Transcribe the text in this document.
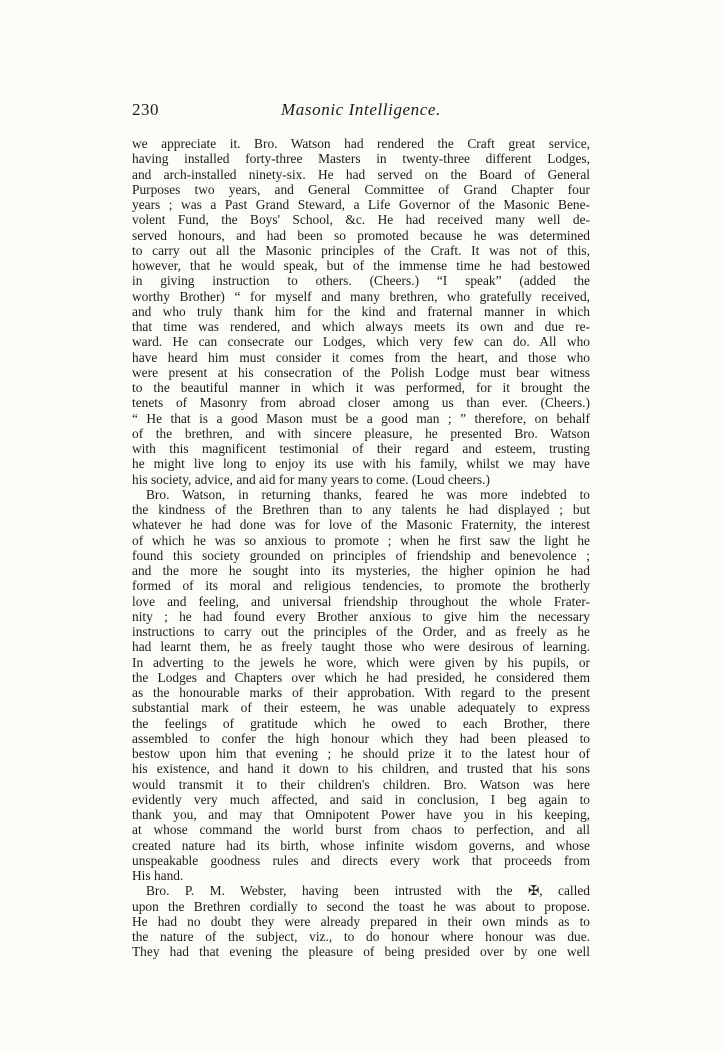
230	Masonic Intelligence.
we appreciate it. Bro. Watson had rendered the Craft great service,
having installed forty-three Masters in twenty-three different Lodges,
and arch-installed ninety-six. He had served on the Board of General
Purposes two years, and General Committee of Grand Chapter four
years ; was a Past Grand Steward, a Life Governor of the Masonic Bene-
volent Fund, the Boys' School, &c. He had received many well de-
served honours, and had been so promoted because he was determined
to carry out all the Masonic principles of the Craft. It was not of this,
however, that he would speak, but of the immense time he had bestowed
in giving instruction to others. (Cheers.) “I speak” (added the
worthy Brother) “ for myself and many brethren, who gratefully received,
and who truly thank him for the kind and fraternal manner in which
that time was rendered, and which always meets its own and due re-
ward. He can consecrate our Lodges, which very few can do. All who
have heard him must consider it comes from the heart, and those who
were present at his consecration of the Polish Lodge must bear witness
to the beautiful manner in which it was performed, for it brought the
tenets of Masonry from abroad closer among us than ever. (Cheers.)
“ He that is a good Mason must be a good man ; ” therefore, on behalf
of the brethren, and with sincere pleasure, he presented Bro. Watson
with this magnificent testimonial of their regard and esteem, trusting
he might live long to enjoy its use with his family, whilst we may have
his society, advice, and aid for many years to come. (Loud cheers.)
Bro. Watson, in returning thanks, feared he was more indebted to
the kindness of the Brethren than to any talents he had displayed ; but
whatever he had done was for love of the Masonic Fraternity, the interest
of which he was so anxious to promote ; when he first saw the light he
found this society grounded on principles of friendship and benevolence ;
and the more he sought into its mysteries, the higher opinion he had
formed of its moral and religious tendencies, to promote the brotherly
love and feeling, and universal friendship throughout the whole Frater-
nity ; he had found every Brother anxious to give him the necessary
instructions to carry out the principles of the Order, and as freely as he
had learnt them, he as freely taught those who were desirous of learning.
In adverting to the jewels he wore, which were given by his pupils, or
the Lodges and Chapters over which he had presided, he considered them
as the honourable marks of their approbation. With regard to the present
substantial mark of their esteem, he was unable adequately to express
the feelings of gratitude which he owed to each Brother, there
assembled to confer the high honour which they had been pleased to
bestow upon him that evening ; he should prize it to the latest hour of
his existence, and hand it down to his children, and trusted that his sons
would transmit it to their children's children. Bro. Watson was here
evidently very much affected, and said in conclusion, I beg again to
thank you, and may that Omnipotent Power have you in his keeping,
at whose command the world burst from chaos to perfection, and all
created nature had its birth, whose infinite wisdom governs, and whose
unspeakable goodness rules and directs every work that proceeds from
His hand.
Bro. P. M. Webster, having been intrusted with the ✠, called
upon the Brethren cordially to second the toast he was about to propose.
He had no doubt they were already prepared in their own minds as to
the nature of the subject, viz., to do honour where honour was due.
They had that evening the pleasure of being presided over by one well
